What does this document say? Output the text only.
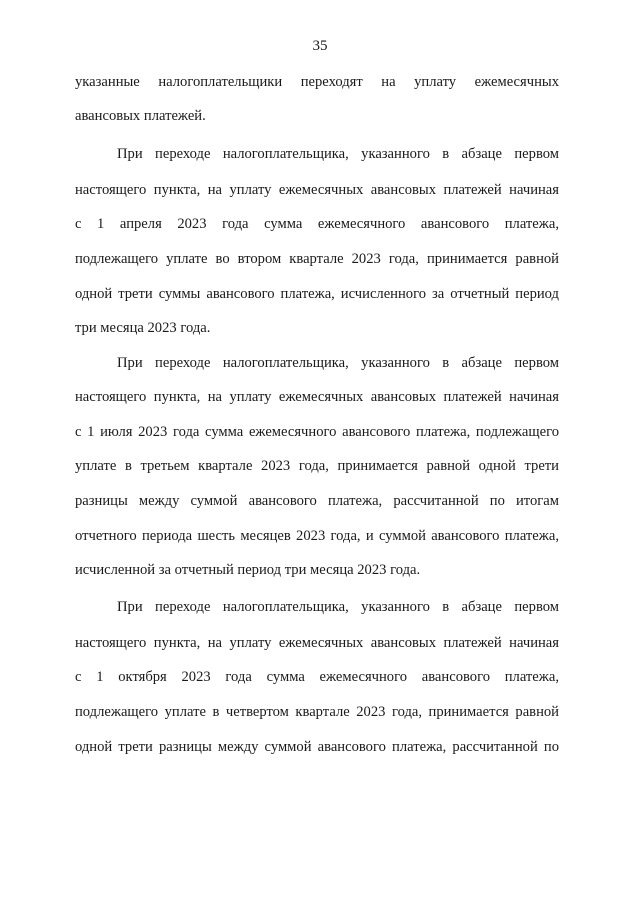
35
указанные налогоплательщики переходят на уплату ежемесячных
авансовых платежей.
При переходе налогоплательщика, указанного в абзаце первом
настоящего пункта, на уплату ежемесячных авансовых платежей начиная
с 1 апреля 2023 года сумма ежемесячного авансового платежа,
подлежащего уплате во втором квартале 2023 года, принимается равной
одной трети суммы авансового платежа, исчисленного за отчетный период
три месяца 2023 года.
При переходе налогоплательщика, указанного в абзаце первом
настоящего пункта, на уплату ежемесячных авансовых платежей начиная
с 1 июля 2023 года сумма ежемесячного авансового платежа, подлежащего
уплате в третьем квартале 2023 года, принимается равной одной трети
разницы между суммой авансового платежа, рассчитанной по итогам
отчетного периода шесть месяцев 2023 года, и суммой авансового платежа,
исчисленной за отчетный период три месяца 2023 года.
При переходе налогоплательщика, указанного в абзаце первом
настоящего пункта, на уплату ежемесячных авансовых платежей начиная
с 1 октября 2023 года сумма ежемесячного авансового платежа,
подлежащего уплате в четвертом квартале 2023 года, принимается равной
одной трети разницы между суммой авансового платежа, рассчитанной по
